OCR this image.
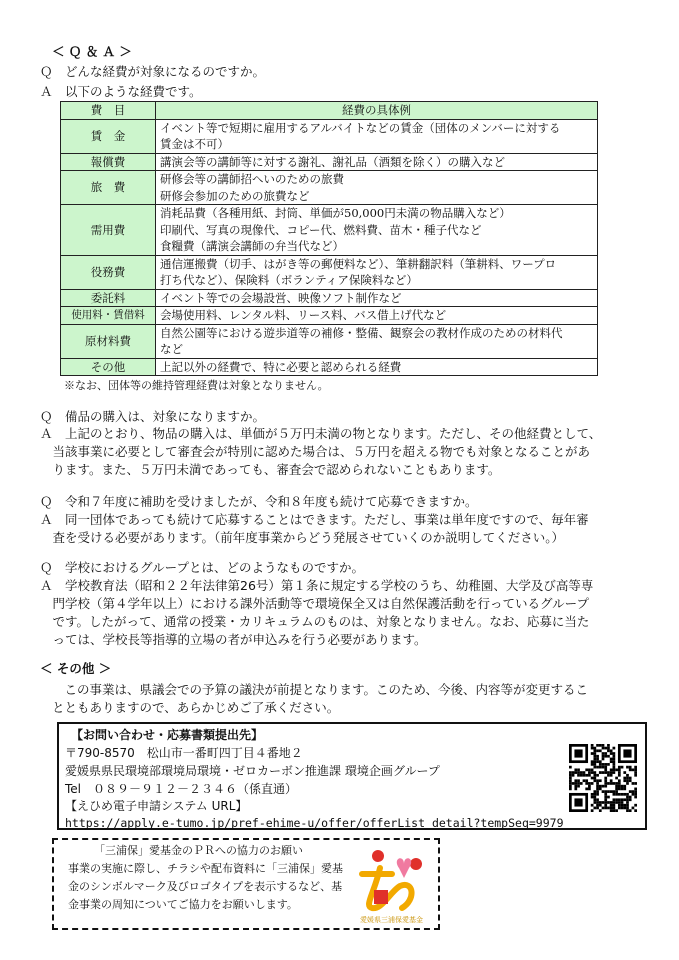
＜ Ｑ ＆ Ａ ＞
Ｑ　どんな経費が対象になるのですか。
Ａ　以下のような経費です。
費　目	経費の具体例
賃　金	イベント等で短期に雇用するアルバイトなどの賃金（団体のメンバーに対する
賃金は不可）

報償費	講演会等の講師等に対する謝礼、謝礼品（酒類を除く）の購入など

旅　費	研修会等の講師招へいのための旅費
研修会参加のための旅費など

需用費	消耗品費（各種用紙、封筒、単価が50,000円未満の物品購入など）
印刷代、写真の現像代、コピー代、燃料費、苗木・種子代など
食糧費（講演会講師の弁当代など）

役務費	通信運搬費（切手、はがき等の郵便料など）、筆耕翻訳料（筆耕料、ワープロ
打ち代など）、保険料（ボランティア保険料など）

委託料	イベント等での会場設営、映像ソフト制作など

使用料・賃借料	会場使用料、レンタル料、リース料、バス借上げ代など

原材料費	自然公園等における遊歩道等の補修・整備、観察会の教材作成のための材料代
など

その他	上記以外の経費で、特に必要と認められる経費
※なお、団体等の維持管理経費は対象となりません。
Ｑ　備品の購入は、対象になりますか。
Ａ　上記のとおり、物品の購入は、単価が５万円未満の物となります。ただし、その他経費として、
　当該事業に必要として審査会が特別に認めた場合は、５万円を超える物でも対象となることがあ
　ります。また、５万円未満であっても、審査会で認められないこともあります。
Ｑ　令和７年度に補助を受けましたが、令和８年度も続けて応募できますか。
Ａ　同一団体であっても続けて応募することはできます。ただし、事業は単年度ですので、毎年審
　査を受ける必要があります。（前年度事業からどう発展させていくのか説明してください。）
Ｑ　学校におけるグループとは、どのようなものですか。
Ａ　学校教育法（昭和２２年法律第26号）第１条に規定する学校のうち、幼稚園、大学及び高等専
　門学校（第４学年以上）における課外活動等で環境保全又は自然保護活動を行っているグループ
　です。したがって、通常の授業・カリキュラムのものは、対象となりません。なお、応募に当た
　っては、学校長等指導的立場の者が申込みを行う必要があります。
＜ その他 ＞
　この事業は、県議会での予算の議決が前提となります。このため、今後、内容等が変更するこ
とともありますので、あらかじめご了承ください。
　【お問い合わせ・応募書類提出先】
〒790-8570　松山市一番町四丁目４番地２
愛媛県県民環境部環境局環境・ゼロカーボン推進課 環境企画グループ
Tel　０８９－９１２－２３４６（係直通）
【えひめ電子申請システム URL】
https://apply.e-tumo.jp/pref-ehime-u/offer/offerList_detail?tempSeq=9979
「三浦保」愛基金のＰＲへの協力のお願い
事業の実施に際し、チラシや配布資料に「三浦保」愛基
金のシンボルマーク及びロゴタイプを表示するなど、基
金事業の周知についてご協力をお願いします。
愛媛県三浦保愛基金
